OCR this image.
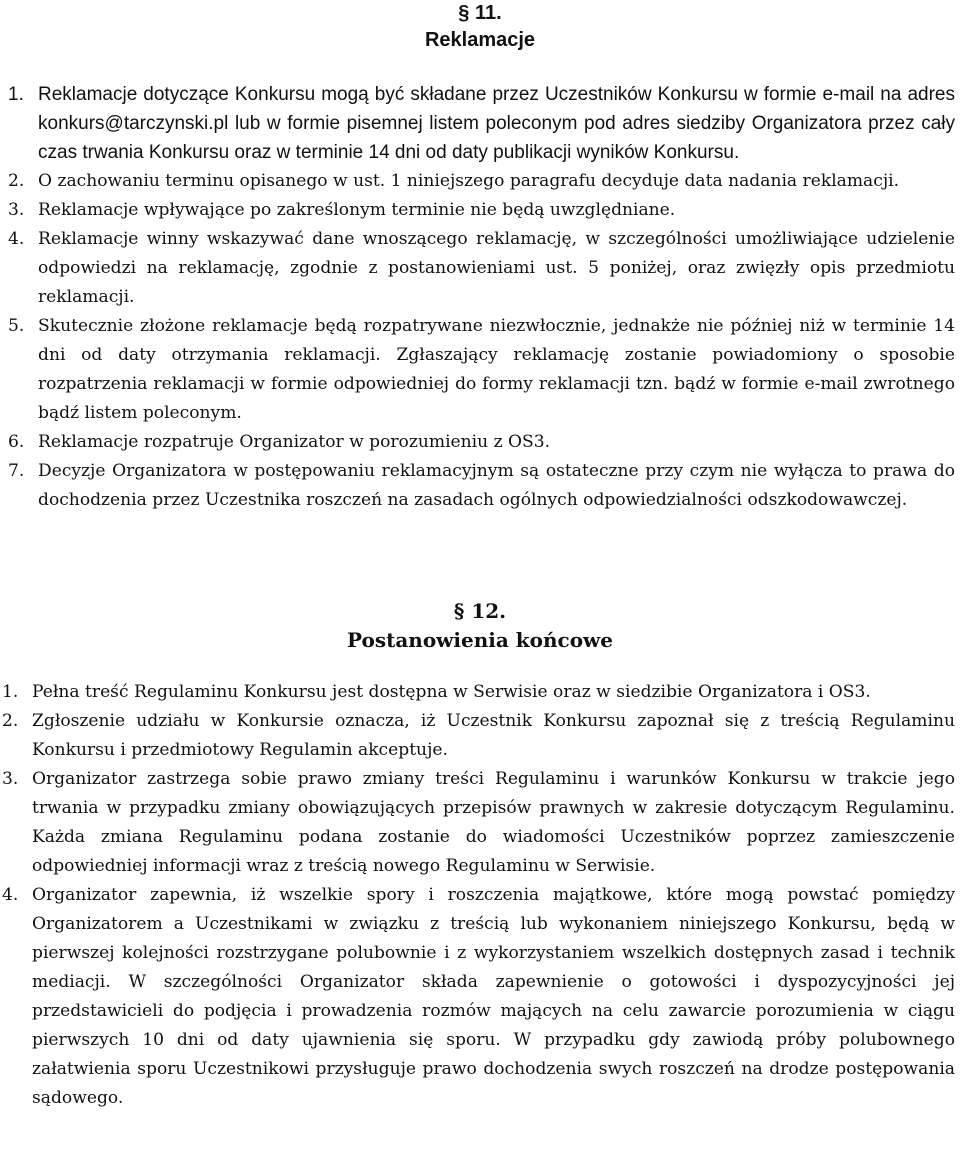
§ 11.
Reklamacje
1. Reklamacje dotyczące Konkursu mogą być składane przez Uczestników Konkursu w formie e-mail na adres konkurs@tarczynski.pl lub w formie pisemnej listem poleconym pod adres siedziby Organizatora przez cały czas trwania Konkursu oraz w terminie 14 dni od daty publikacji wyników Konkursu.
2. O zachowaniu terminu opisanego w ust. 1 niniejszego paragrafu decyduje data nadania reklamacji.
3. Reklamacje wpływające po zakreślonym terminie nie będą uwzględniane.
4. Reklamacje winny wskazywać dane wnoszącego reklamację, w szczególności umożliwiające udzielenie odpowiedzi na reklamację, zgodnie z postanowieniami ust. 5 poniżej, oraz zwięzły opis przedmiotu reklamacji.
5. Skutecznie złożone reklamacje będą rozpatrywane niezwłocznie, jednakże nie później niż w terminie 14 dni od daty otrzymania reklamacji. Zgłaszający reklamację zostanie powiadomiony o sposobie rozpatrzenia reklamacji w formie odpowiedniej do formy reklamacji tzn. bądź w formie e-mail zwrotnego bądź listem poleconym.
6. Reklamacje rozpatruje Organizator w porozumieniu z OS3.
7. Decyzje Organizatora w postępowaniu reklamacyjnym są ostateczne przy czym nie wyłącza to prawa do dochodzenia przez Uczestnika roszczeń na zasadach ogólnych odpowiedzialności odszkodowawczej.
§ 12.
Postanowienia końcowe
1. Pełna treść Regulaminu Konkursu jest dostępna w Serwisie oraz w siedzibie Organizatora i OS3.
2. Zgłoszenie udziału w Konkursie oznacza, iż Uczestnik Konkursu zapoznał się z treścią Regulaminu Konkursu i przedmiotowy Regulamin akceptuje.
3. Organizator zastrzega sobie prawo zmiany treści Regulaminu i warunków Konkursu w trakcie jego trwania w przypadku zmiany obowiązujących przepisów prawnych w zakresie dotyczącym Regulaminu. Każda zmiana Regulaminu podana zostanie do wiadomości Uczestników poprzez zamieszczenie odpowiedniej informacji wraz z treścią nowego Regulaminu w Serwisie.
4. Organizator zapewnia, iż wszelkie spory i roszczenia majątkowe, które mogą powstać pomiędzy Organizatorem a Uczestnikami w związku z treścią lub wykonaniem niniejszego Konkursu, będą w pierwszej kolejności rozstrzygane polubownie i z wykorzystaniem wszelkich dostępnych zasad i technik mediacji. W szczególności Organizator składa zapewnienie o gotowości i dyspozycyjności jej przedstawicieli do podjęcia i prowadzenia rozmów mających na celu zawarcie porozumienia w ciągu pierwszych 10 dni od daty ujawnienia się sporu. W przypadku gdy zawiodą próby polubownego załatwienia sporu Uczestnikowi przysługuje prawo dochodzenia swych roszczeń na drodze postępowania sądowego.
